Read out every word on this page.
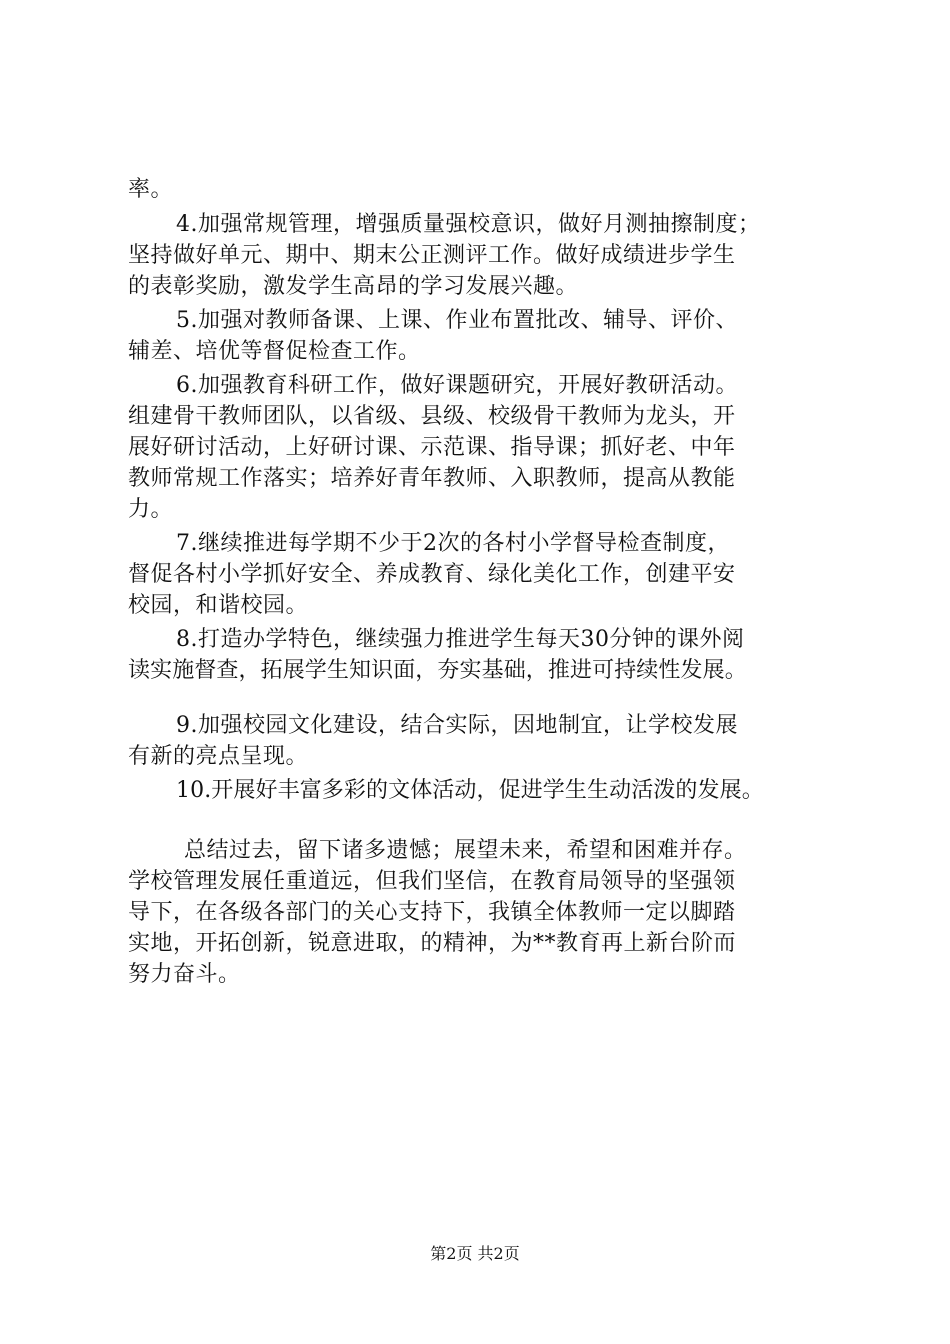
率。
4.加强常规管理，增强质量强校意识，做好月测抽擦制度；
坚持做好单元、期中、期末公正测评工作。做好成绩进步学生
的表彰奖励，激发学生高昂的学习发展兴趣。
5.加强对教师备课、上课、作业布置批改、辅导、评价、
辅差、培优等督促检查工作。
6.加强教育科研工作，做好课题研究，开展好教研活动。
组建骨干教师团队，以省级、县级、校级骨干教师为龙头，开
展好研讨活动，上好研讨课、示范课、指导课；抓好老、中年
教师常规工作落实；培养好青年教师、入职教师，提高从教能
力。
7.继续推进每学期不少于2次的各村小学督导检查制度，
督促各村小学抓好安全、养成教育、绿化美化工作，创建平安
校园，和谐校园。
8.打造办学特色，继续强力推进学生每天30分钟的课外阅
读实施督查，拓展学生知识面，夯实基础，推进可持续性发展。
9.加强校园文化建设，结合实际，因地制宜，让学校发展
有新的亮点呈现。
10.开展好丰富多彩的文体活动，促进学生生动活泼的发展。
总结过去，留下诸多遗憾；展望未来，希望和困难并存。
学校管理发展任重道远，但我们坚信，在教育局领导的坚强领
导下，在各级各部门的关心支持下，我镇全体教师一定以脚踏
实地，开拓创新，锐意进取，的精神，为**教育再上新台阶而
努力奋斗。
第2页 共2页
